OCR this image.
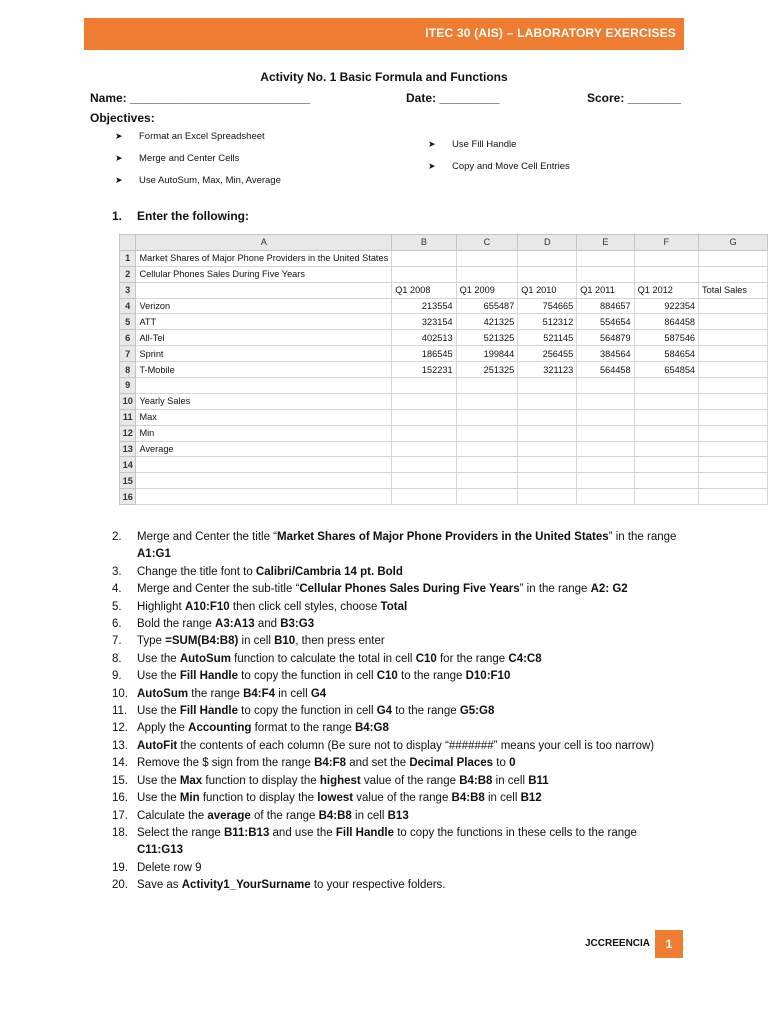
ITEC 30 (AIS) – LABORATORY EXERCISES
Activity No. 1 Basic Formula and Functions
Name: ___________________________	Date: _________	Score: ________
Objectives:
➤ Format an Excel Spreadsheet
➤ Merge and Center Cells
➤ Use AutoSum, Max, Min, Average
➤ Use Fill Handle
➤ Copy and Move Cell Entries
1. Enter the following:
	A	B	C	D	E	F	G
1	Market Shares of Major Phone Providers in the United States						
2	Cellular Phones Sales During Five Years						
3		Q1 2008	Q1 2009	Q1 2010	Q1 2011	Q1 2012	Total Sales
4	Verizon	213554	655487	754665	884657	922354	
5	ATT	323154	421325	512312	554654	864458	
6	All-Tel	402513	521325	521145	564879	587546	
7	Sprint	186545	199844	256455	384564	584654	
8	T-Mobile	152231	251325	321123	564458	654854	
9							
10	Yearly Sales						
11	Max						
12	Min						
13	Average						
14							
15							
16							
2.	Merge and Center the title “Market Shares of Major Phone Providers in the United States” in the range A1:G1
3.	Change the title font to Calibri/Cambria 14 pt. Bold
4.	Merge and Center the sub-title “Cellular Phones Sales During Five Years” in the range A2: G2
5.	Highlight A10:F10 then click cell styles, choose Total
6.	Bold the range A3:A13 and B3:G3
7.	Type =SUM(B4:B8) in cell B10, then press enter
8.	Use the AutoSum function to calculate the total in cell C10 for the range C4:C8
9.	Use the Fill Handle to copy the function in cell C10 to the range D10:F10
10. AutoSum the range B4:F4 in cell G4
11. Use the Fill Handle to copy the function in cell G4 to the range G5:G8
12. Apply the Accounting format to the range B4:G8
13. AutoFit the contents of each column (Be sure not to display “#######” means your cell is too narrow)
14. Remove the $ sign from the range B4:F8 and set the Decimal Places to 0
15. Use the Max function to display the highest value of the range B4:B8 in cell B11
16. Use the Min function to display the lowest value of the range B4:B8 in cell B12
17. Calculate the average of the range B4:B8 in cell B13
18. Select the range B11:B13 and use the Fill Handle to copy the functions in these cells to the range C11:G13
19. Delete row 9
20. Save as Activity1_YourSurname to your respective folders.
JCCREENCIA	1
